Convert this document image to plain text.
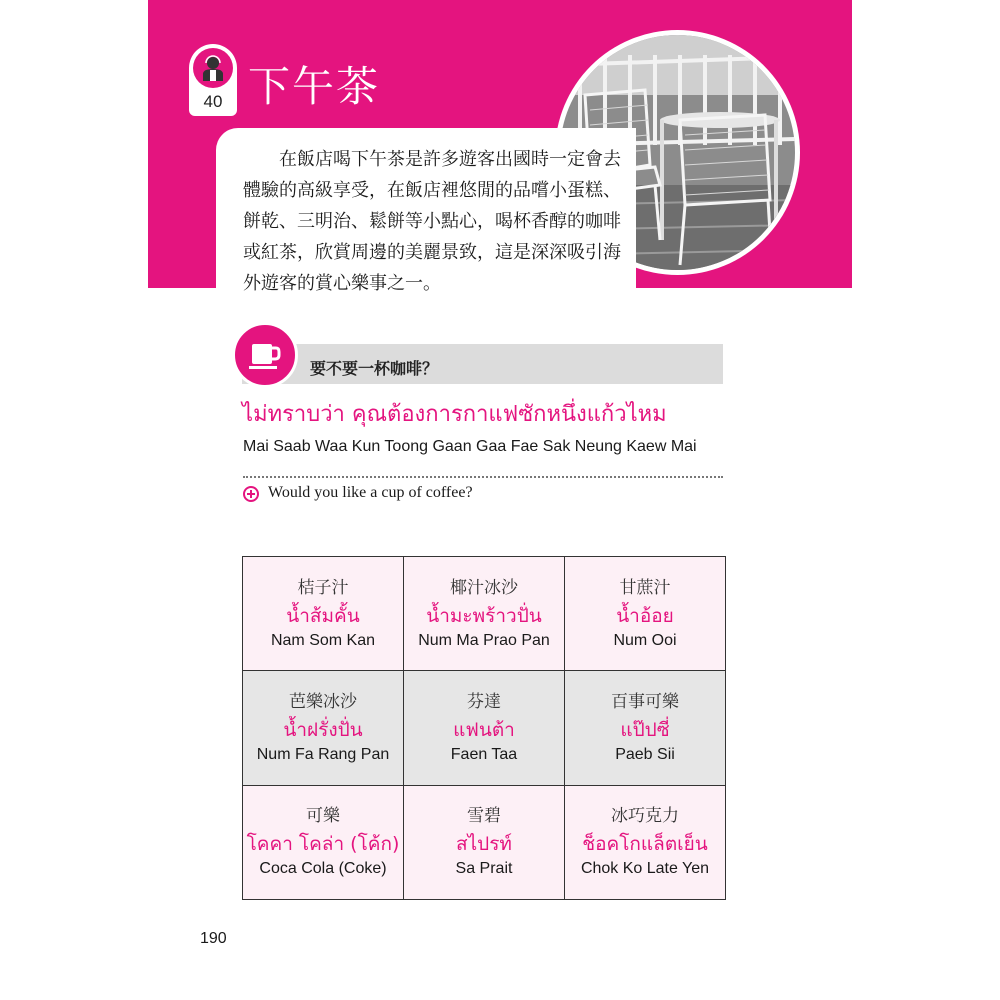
40 下午茶

在飯店喝下午茶是許多遊客出國時一定會去體驗的高級享受，在飯店裡悠閒的品嚐小蛋糕、餅乾、三明治、鬆餅等小點心，喝杯香醇的咖啡或紅茶，欣賞周邊的美麗景致，這是深深吸引海外遊客的賞心樂事之一。

要不要一杯咖啡？

ไม่ทราบว่า คุณต้องการกาแฟซักหนึ่งแก้วไหม

Mai Saab Waa Kun Toong Gaan Gaa Fae Sak Neung Kaew Mai

Would you like a cup of coffee?

桔子汁
น้ำส้มคั้น
Nam Som Kan	椰汁冰沙
น้ำมะพร้าวปั่น
Num Ma Prao Pan	甘蔗汁
น้ำอ้อย
Num Ooi

芭樂冰沙
น้ำฝรั่งปั่น
Num Fa Rang Pan	芬達
แฟนต้า
Faen Taa	百事可樂
แป๊ปซี่
Paeb Sii

可樂
โคคา โคล่า (โค้ก)
Coca Cola (Coke)	雪碧
สไปรท์
Sa Prait	冰巧克力
ช็อคโกแล็ตเย็น
Chok Ko Late Yen

190
